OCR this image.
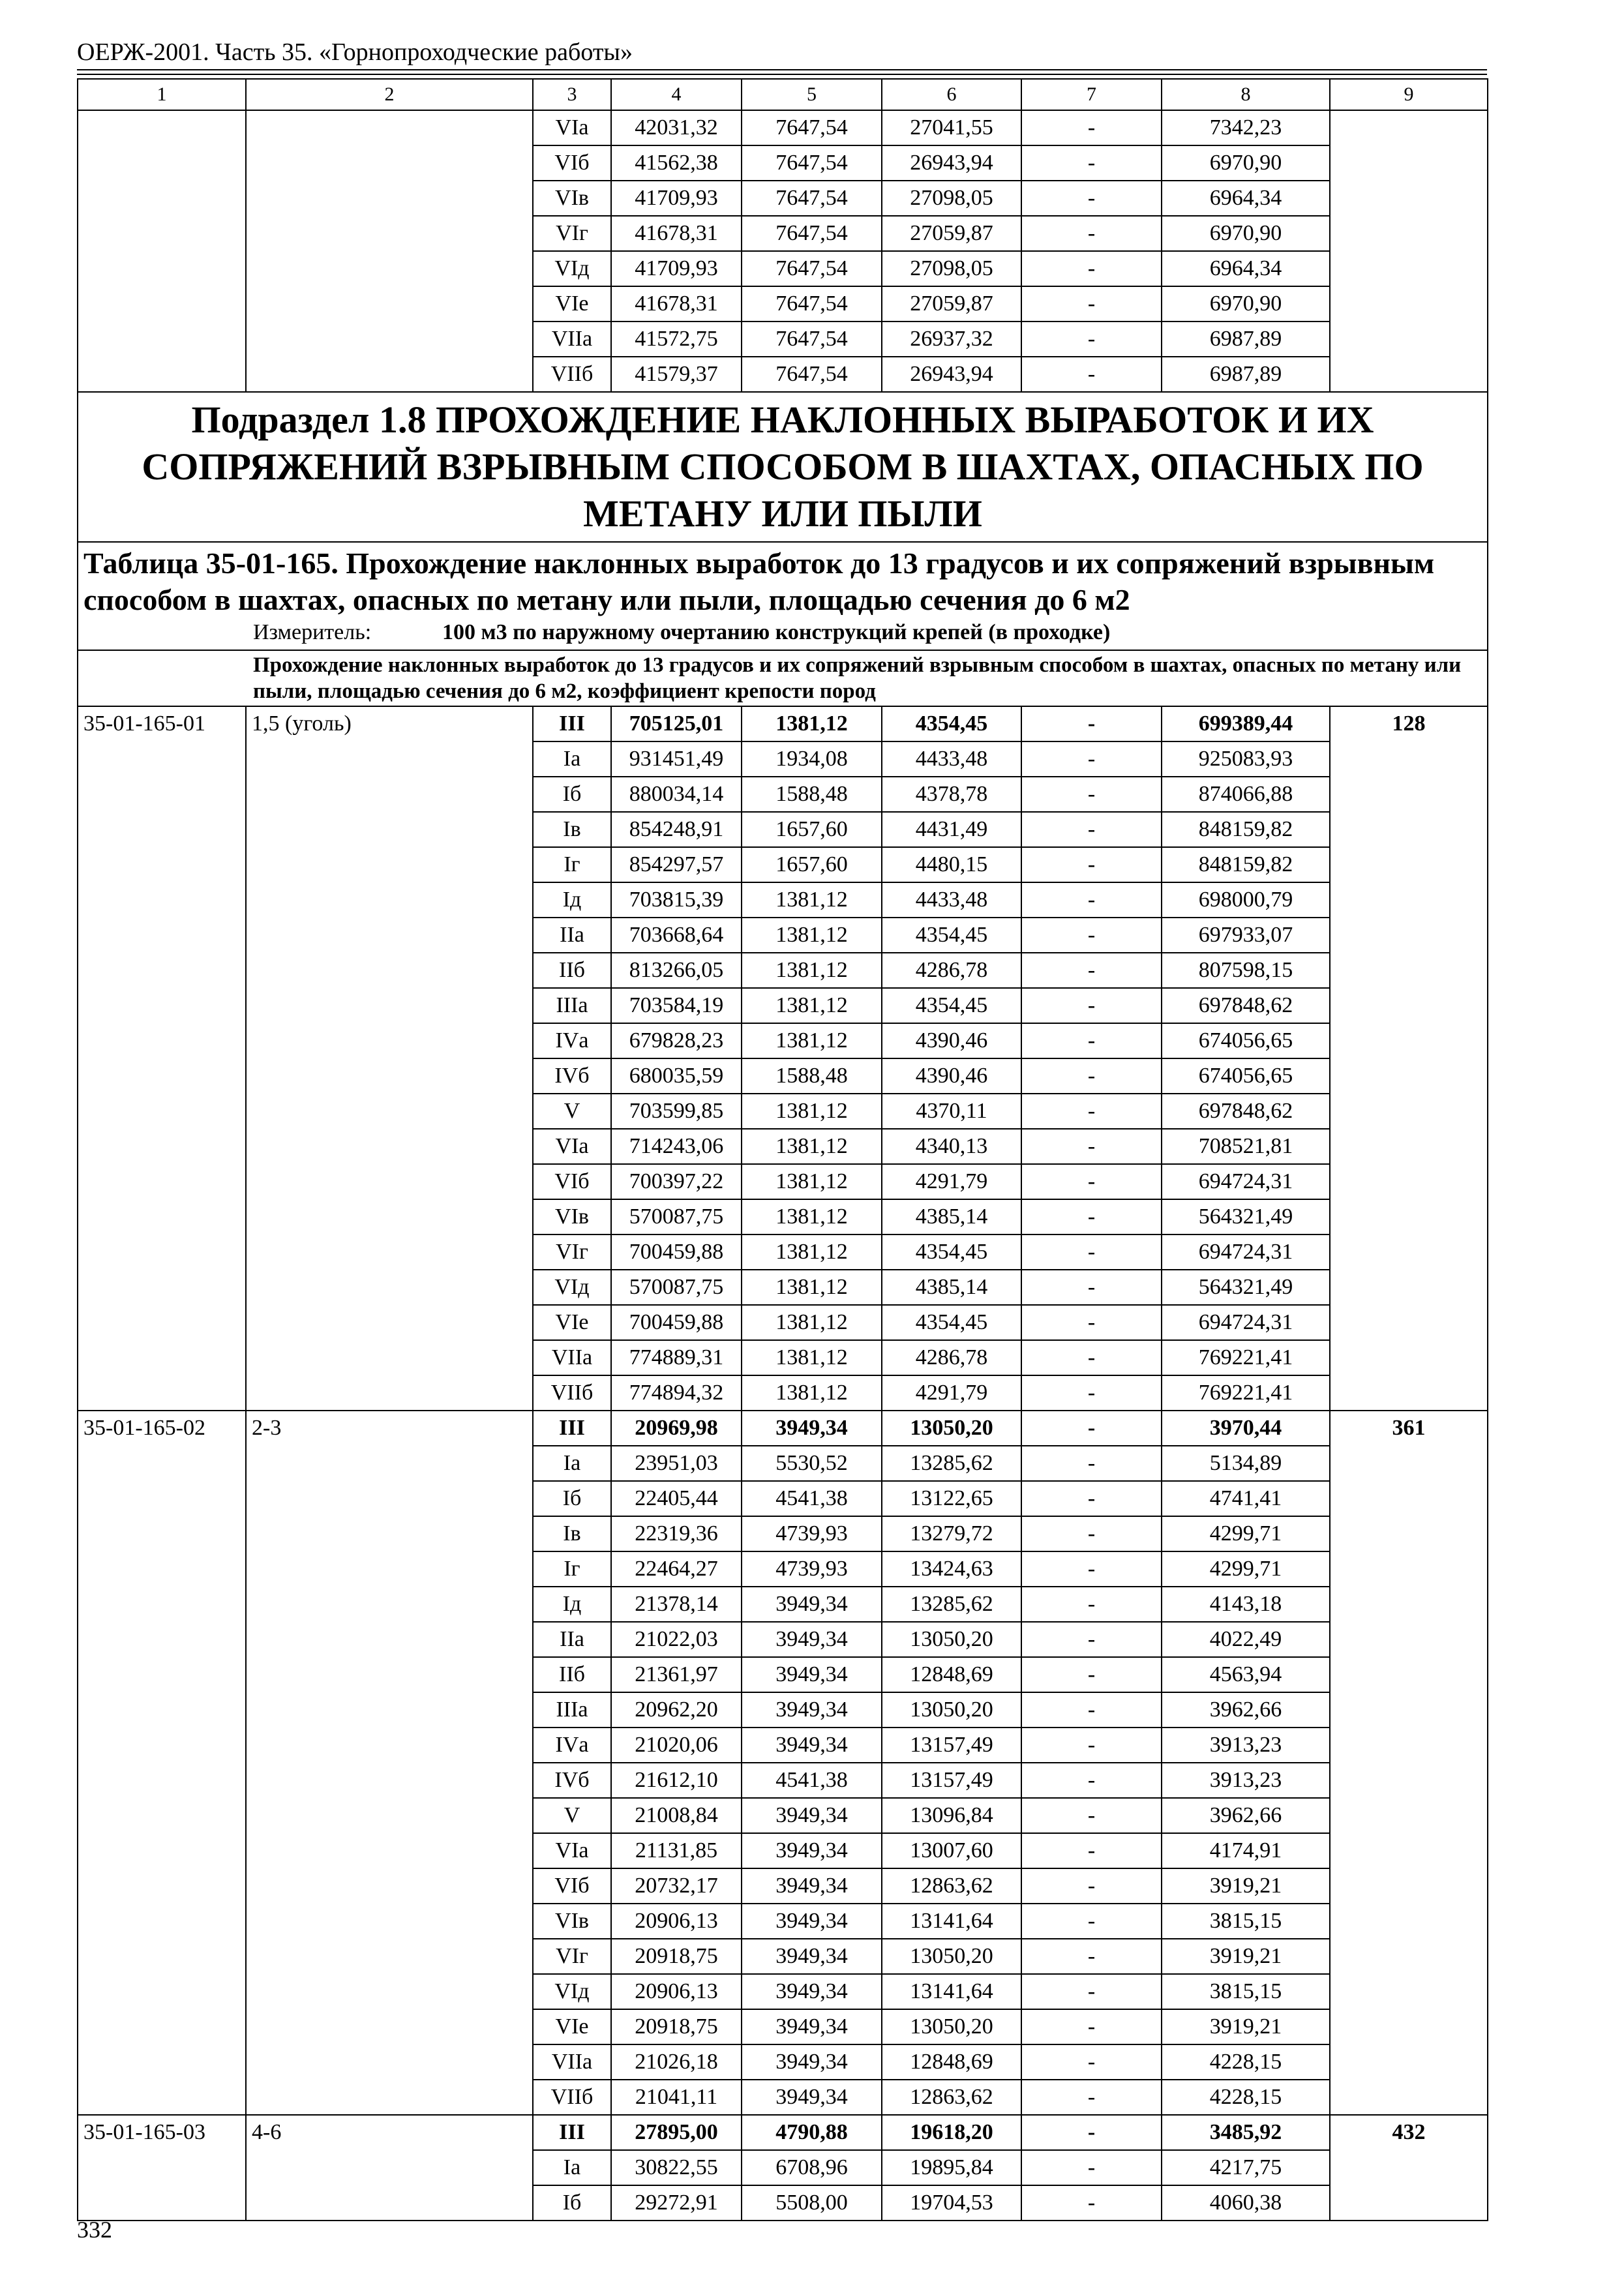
ОЕРЖ-2001. Часть 35. «Горнопроходческие работы»
1	2	3	4	5	6	7	8	9
		VIа	42031,32	7647,54	27041,55	-	7342,23	
		VIб	41562,38	7647,54	26943,94	-	6970,90	
		VIв	41709,93	7647,54	27098,05	-	6964,34	
		VIг	41678,31	7647,54	27059,87	-	6970,90	
		VIд	41709,93	7647,54	27098,05	-	6964,34	
		VIе	41678,31	7647,54	27059,87	-	6970,90	
		VIIа	41572,75	7647,54	26937,32	-	6987,89	
		VIIб	41579,37	7647,54	26943,94	-	6987,89	
Подраздел 1.8 ПРОХОЖДЕНИЕ НАКЛОННЫХ ВЫРАБОТОК И ИХ СОПРЯЖЕНИЙ ВЗРЫВНЫМ СПОСОБОМ В ШАХТАХ, ОПАСНЫХ ПО МЕТАНУ ИЛИ ПЫЛИ								

Таблица 35-01-165. Прохождение наклонных выработок до 13 градусов и их сопряжений взрывным способом в шахтах, опасных по метану или пыли, площадью сечения до 6 м2
Измеритель: 100 м3 по наружному очертанию конструкций крепей (в проходке)								

Прохождение наклонных выработок до 13 градусов и их сопряжений взрывным способом в шахтах, опасных по метану или пыли, площадью сечения до 6 м2, коэффициент крепости пород								
35-01-165-01	1,5 (уголь)	III	705125,01	1381,12	4354,45	-	699389,44	128
		Iа	931451,49	1934,08	4433,48	-	925083,93	
		Iб	880034,14	1588,48	4378,78	-	874066,88	
		Iв	854248,91	1657,60	4431,49	-	848159,82	
		Iг	854297,57	1657,60	4480,15	-	848159,82	
		Iд	703815,39	1381,12	4433,48	-	698000,79	
		IIа	703668,64	1381,12	4354,45	-	697933,07	
		IIб	813266,05	1381,12	4286,78	-	807598,15	
		IIIа	703584,19	1381,12	4354,45	-	697848,62	
		IVа	679828,23	1381,12	4390,46	-	674056,65	
		IVб	680035,59	1588,48	4390,46	-	674056,65	
		V	703599,85	1381,12	4370,11	-	697848,62	
		VIа	714243,06	1381,12	4340,13	-	708521,81	
		VIб	700397,22	1381,12	4291,79	-	694724,31	
		VIв	570087,75	1381,12	4385,14	-	564321,49	
		VIг	700459,88	1381,12	4354,45	-	694724,31	
		VIд	570087,75	1381,12	4385,14	-	564321,49	
		VIе	700459,88	1381,12	4354,45	-	694724,31	
		VIIа	774889,31	1381,12	4286,78	-	769221,41	
		VIIб	774894,32	1381,12	4291,79	-	769221,41	
35-01-165-02	2-3	III	20969,98	3949,34	13050,20	-	3970,44	361
		Iа	23951,03	5530,52	13285,62	-	5134,89	
		Iб	22405,44	4541,38	13122,65	-	4741,41	
		Iв	22319,36	4739,93	13279,72	-	4299,71	
		Iг	22464,27	4739,93	13424,63	-	4299,71	
		Iд	21378,14	3949,34	13285,62	-	4143,18	
		IIа	21022,03	3949,34	13050,20	-	4022,49	
		IIб	21361,97	3949,34	12848,69	-	4563,94	
		IIIа	20962,20	3949,34	13050,20	-	3962,66	
		IVа	21020,06	3949,34	13157,49	-	3913,23	
		IVб	21612,10	4541,38	13157,49	-	3913,23	
		V	21008,84	3949,34	13096,84	-	3962,66	
		VIа	21131,85	3949,34	13007,60	-	4174,91	
		VIб	20732,17	3949,34	12863,62	-	3919,21	
		VIв	20906,13	3949,34	13141,64	-	3815,15	
		VIг	20918,75	3949,34	13050,20	-	3919,21	
		VIд	20906,13	3949,34	13141,64	-	3815,15	
		VIе	20918,75	3949,34	13050,20	-	3919,21	
		VIIа	21026,18	3949,34	12848,69	-	4228,15	
		VIIб	21041,11	3949,34	12863,62	-	4228,15	
35-01-165-03	4-6	III	27895,00	4790,88	19618,20	-	3485,92	432
		Iа	30822,55	6708,96	19895,84	-	4217,75	
		Iб	29272,91	5508,00	19704,53	-	4060,38	
332
